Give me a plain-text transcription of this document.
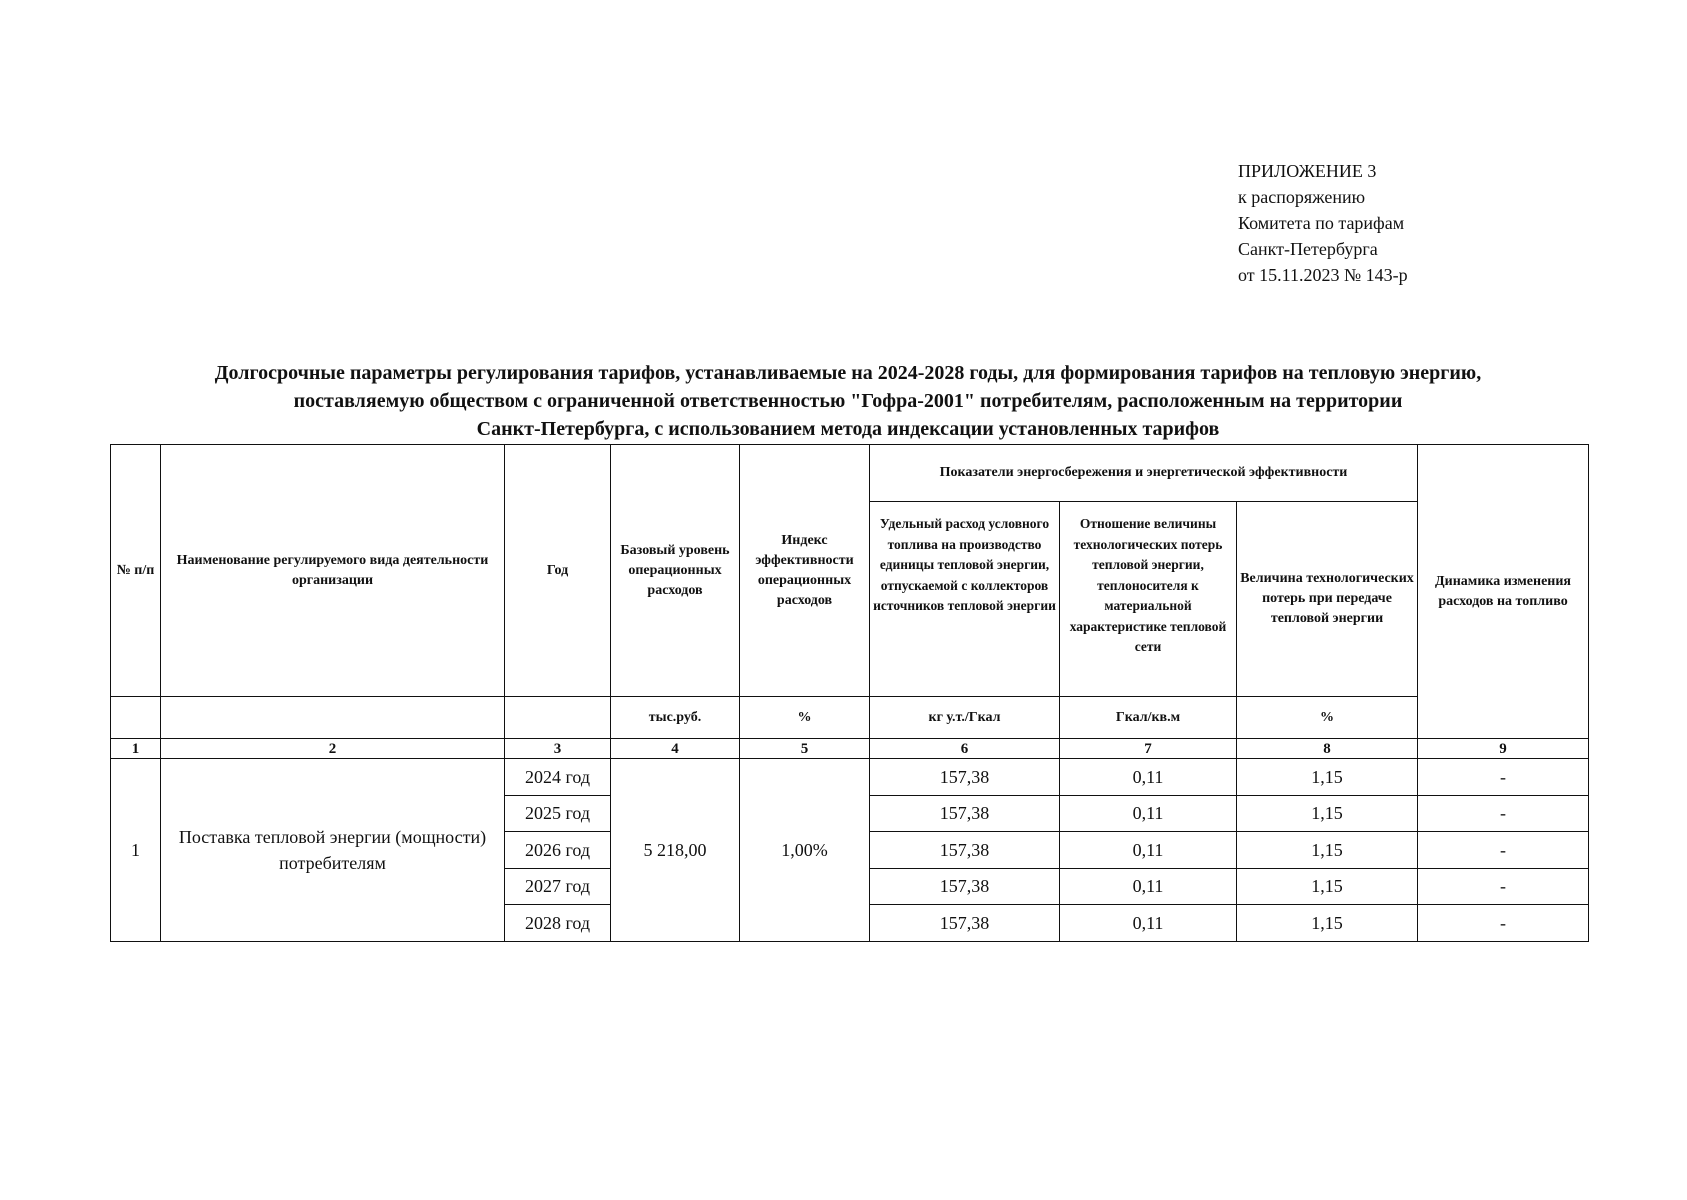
ПРИЛОЖЕНИЕ 3
к распоряжению
Комитета по тарифам
Санкт-Петербурга
от 15.11.2023 № 143-р
Долгосрочные параметры регулирования тарифов, устанавливаемые на 2024-2028 годы, для формирования тарифов на тепловую энергию,
поставляемую обществом с ограниченной ответственностью "Гофра-2001" потребителям, расположенным на территории
Санкт-Петербурга, с использованием метода индексации установленных тарифов
№ п/п	Наименование регулируемого вида деятельности организации	Год	Базовый уровень операционных расходов	Индекс эффективности операционных расходов	Показатели энергосбережения и энергетической эффективности			Динамика изменения расходов на топливо
					Удельный расход условного топлива на производство единицы тепловой энергии, отпускаемой с коллекторов источников тепловой энергии	Отношение величины технологических потерь тепловой энергии, теплоносителя к материальной характеристике тепловой сети	Величина технологических потерь при передаче тепловой энергии	
			тыс.руб.	%	кг у.т./Гкал	Гкал/кв.м	%	
1	2	3	4	5	6	7	8	9
1	Поставка тепловой энергии (мощности) потребителям	2024 год	5 218,00	1,00%	157,38	0,11	1,15	-
		2025 год			157,38	0,11	1,15	-
		2026 год			157,38	0,11	1,15	-
		2027 год			157,38	0,11	1,15	-
		2028 год			157,38	0,11	1,15	-
